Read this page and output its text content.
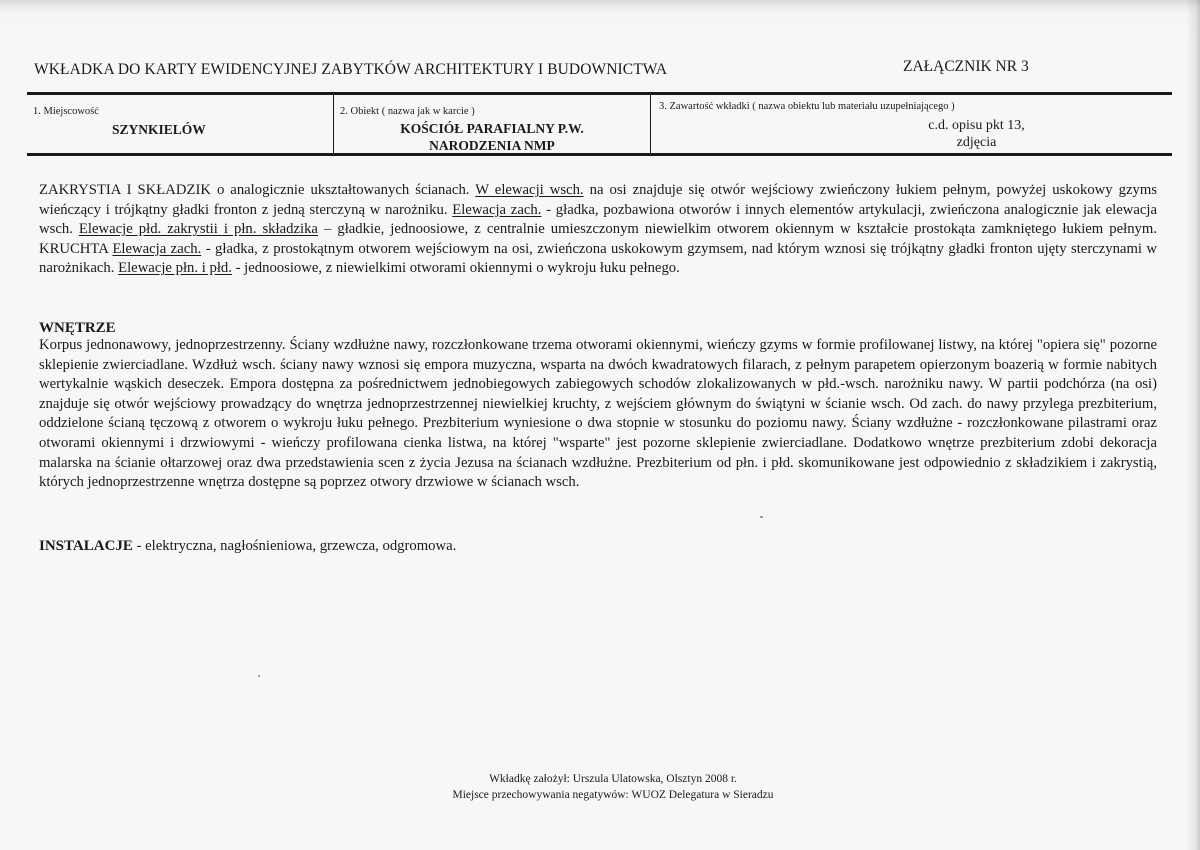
WKŁADKA DO KARTY EWIDENCYJNEJ ZABYTKÓW ARCHITEKTURY I BUDOWNICTWA	ZAŁĄCZNIK NR 3
1. Miejscowość
SZYNKIELÓW
2. Obiekt ( nazwa jak w karcie )
KOŚCIÓŁ PARAFIALNY P.W.
NARODZENIA NMP
3. Zawartość wkładki ( nazwa obiektu lub materiału uzupełniającego )
c.d. opisu pkt 13,
zdjęcia
ZAKRYSTIA I SKŁADZIK o analogicznie ukształtowanych ścianach. W elewacji wsch. na osi znajduje się otwór wejściowy zwieńczony łukiem pełnym, powyżej uskokowy gzyms wieńczący i trójkątny gładki fronton z jedną sterczyną w narożniku. Elewacja zach. - gładka, pozbawiona otworów i innych elementów artykulacji, zwieńczona analogicznie jak elewacja wsch. Elewacje płd. zakrystii i płn. składzika – gładkie, jednoosiowe, z centralnie umieszczonym niewielkim otworem okiennym w kształcie prostokąta zamkniętego łukiem pełnym. KRUCHTA Elewacja zach. - gładka, z prostokątnym otworem wejściowym na osi, zwieńczona uskokowym gzymsem, nad którym wznosi się trójkątny gładki fronton ujęty sterczynami w narożnikach. Elewacje płn. i płd. - jednoosiowe, z niewielkimi otworami okiennymi o wykroju łuku pełnego.
WNĘTRZE
Korpus jednonawowy, jednoprzestrzenny. Ściany wzdłużne nawy, rozczłonkowane trzema otworami okiennymi, wieńczy gzyms w formie profilowanej listwy, na której "opiera się" pozorne sklepienie zwierciadlane. Wzdłuż wsch. ściany nawy wznosi się empora muzyczna, wsparta na dwóch kwadratowych filarach, z pełnym parapetem opierzonym boazerią w formie nabitych wertykalnie wąskich deseczek. Empora dostępna za pośrednictwem jednobiegowych zabiegowych schodów zlokalizowanych w płd.-wsch. narożniku nawy. W partii podchórza (na osi) znajduje się otwór wejściowy prowadzący do wnętrza jednoprzestrzennej niewielkiej kruchty, z wejściem głównym do świątyni w ścianie wsch. Od zach. do nawy przylega prezbiterium, oddzielone ścianą tęczową z otworem o wykroju łuku pełnego. Prezbiterium wyniesione o dwa stopnie w stosunku do poziomu nawy. Ściany wzdłużne - rozczłonkowane pilastrami oraz otworami okiennymi i drzwiowymi - wieńczy profilowana cienka listwa, na której "wsparte" jest pozorne sklepienie zwierciadlane. Dodatkowo wnętrze prezbiterium zdobi dekoracja malarska na ścianie ołtarzowej oraz dwa przedstawienia scen z życia Jezusa na ścianach wzdłużne. Prezbiterium od płn. i płd. skomunikowane jest odpowiednio z składzikiem i zakrystią, których jednoprzestrzenne wnętrza dostępne są poprzez otwory drzwiowe w ścianach wsch.
INSTALACJE - elektryczna, nagłośnieniowa, grzewcza, odgromowa.
Wkładkę założył: Urszula Ulatowska, Olsztyn 2008 r.
Miejsce przechowywania negatywów: WUOZ Delegatura w Sieradzu
